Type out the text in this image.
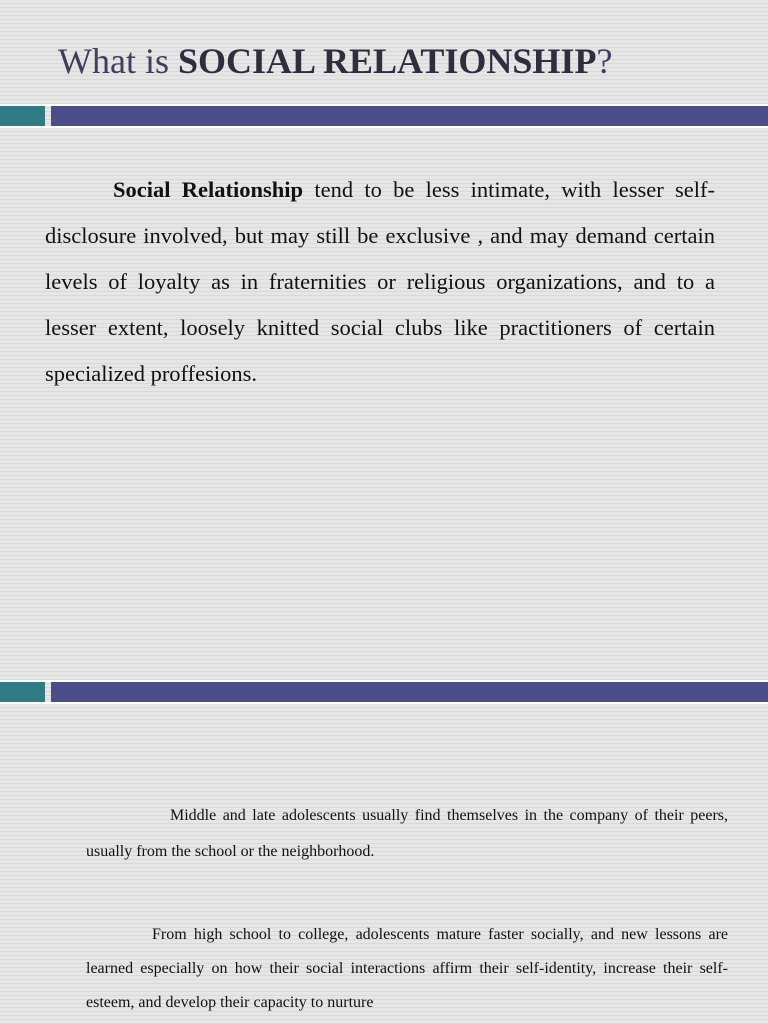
What is SOCIAL RELATIONSHIP?

Social Relationship tend to be less intimate, with lesser self-disclosure involved, but may still be exclusive , and may demand certain levels of loyalty as in fraternities or religious organizations, and to a lesser extent, loosely knitted social clubs like practitioners of certain specialized proffesions.

Middle and late adolescents usually find themselves in the company of their peers, usually from the school or the neighborhood.

From high school to college, adolescents mature faster socially, and new lessons are learned especially on how their social interactions affirm their self-identity, increase their self-esteem, and develop their capacity to nurture
